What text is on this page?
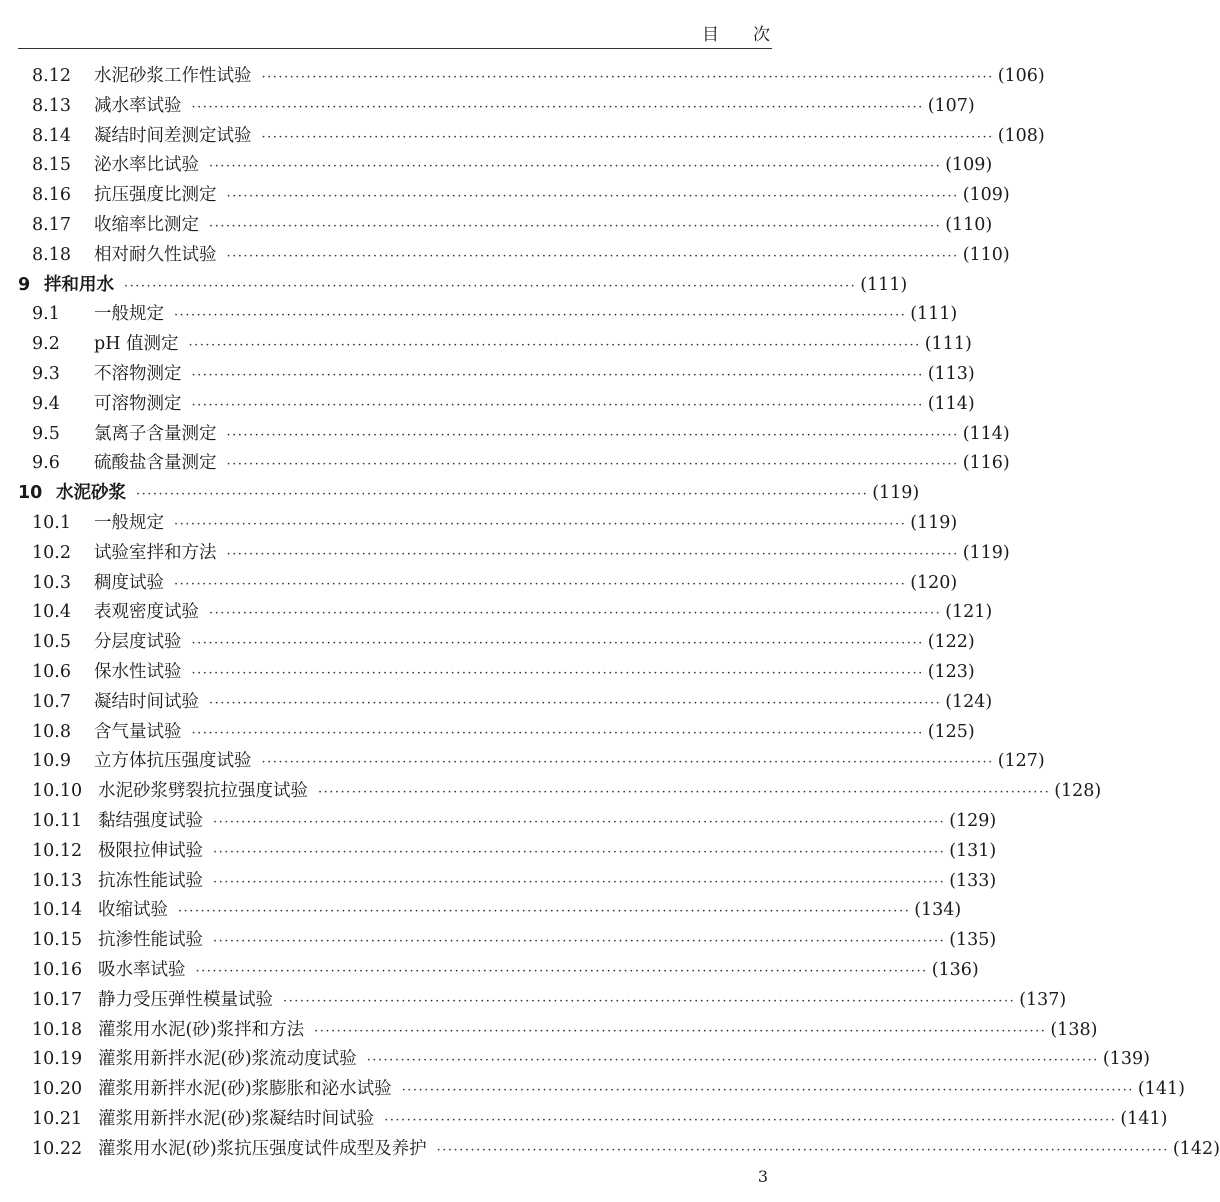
目次
8.12	水泥砂浆工作性试验 ·····	(106)
8.13	减水率试验 ·····	(107)
8.14	凝结时间差测定试验 ·····	(108)
8.15	泌水率比试验 ·····	(109)
8.16	抗压强度比测定 ·····	(109)
8.17	收缩率比测定 ·····	(110)
8.18	相对耐久性试验 ·····	(110)
9 拌和用水 ·····	(111)
9.1	一般规定 ·····	(111)
9.2	pH 值测定 ·····	(111)
9.3	不溶物测定 ·····	(113)
9.4	可溶物测定 ·····	(114)
9.5	氯离子含量测定 ·····	(114)
9.6	硫酸盐含量测定 ·····	(116)
10 水泥砂浆 ·····	(119)
10.1	一般规定 ·····	(119)
10.2	试验室拌和方法 ·····	(119)
10.3	稠度试验 ·····	(120)
10.4	表观密度试验 ·····	(121)
10.5	分层度试验 ·····	(122)
10.6	保水性试验 ·····	(123)
10.7	凝结时间试验 ·····	(124)
10.8	含气量试验 ·····	(125)
10.9	立方体抗压强度试验 ·····	(127)
10.10 水泥砂浆劈裂抗拉强度试验 ·····	(128)
10.11 黏结强度试验 ·····	(129)
10.12 极限拉伸试验 ·····	(131)
10.13 抗冻性能试验 ·····	(133)
10.14 收缩试验 ·····	(134)
10.15 抗渗性能试验 ·····	(135)
10.16 吸水率试验 ·····	(136)
10.17 静力受压弹性模量试验 ·····	(137)
10.18 灌浆用水泥(砂)浆拌和方法 ·····	(138)
10.19 灌浆用新拌水泥(砂)浆流动度试验 ·····	(139)
10.20 灌浆用新拌水泥(砂)浆膨胀和泌水试验 ·····	(141)
10.21 灌浆用新拌水泥(砂)浆凝结时间试验 ·····	(141)
10.22 灌浆用水泥(砂)浆抗压强度试件成型及养护 ·····	(142)
3
